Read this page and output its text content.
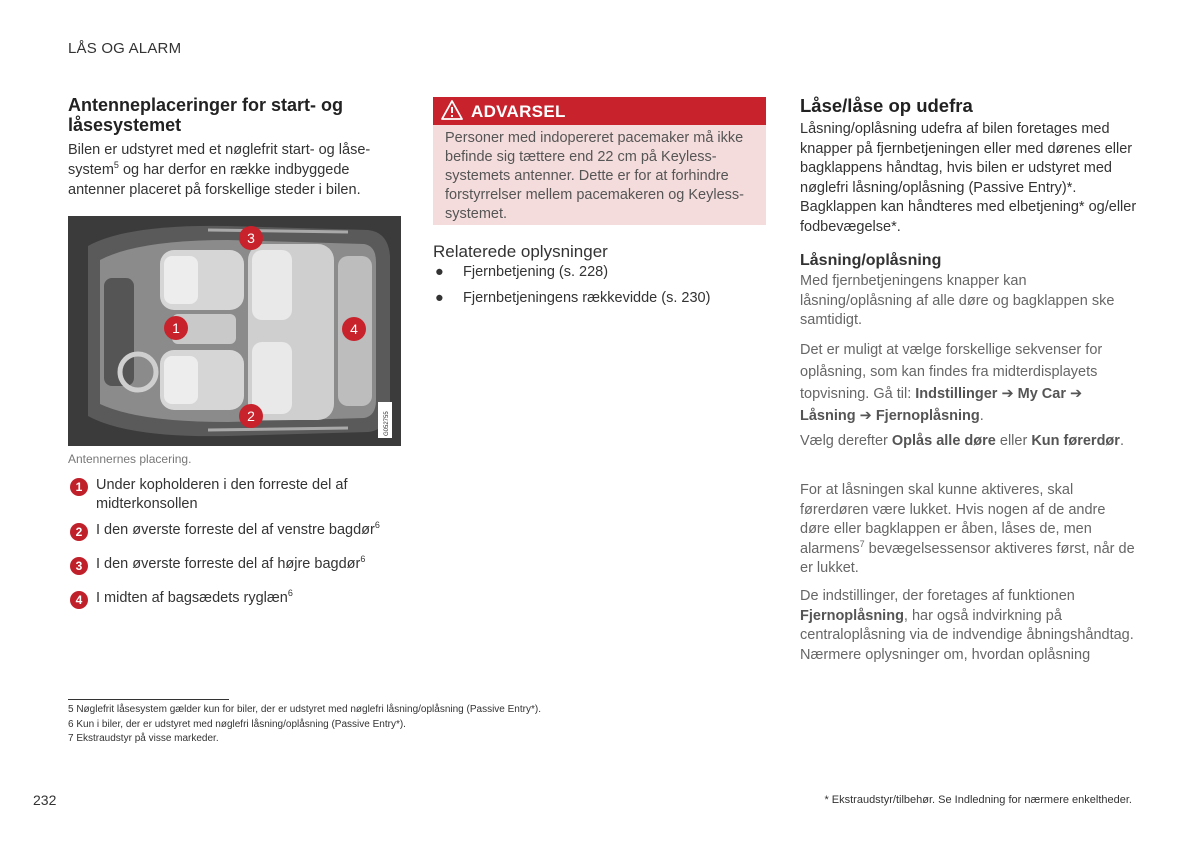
LÅS OG ALARM
Antenneplaceringer for start- og låsesystemet
Bilen er udstyret med et nøglefrit start- og låse-system$^5$ og har derfor en række indbyggede antenner placeret på forskellige steder i bilen.
3
1	4
2	G052755
Antennernes placering.
1 Under kopholderen i den forreste del af midterkonsollen
2 I den øverste forreste del af venstre bagdør$^6$
3 I den øverste forreste del af højre bagdør$^6$
4 I midten af bagsædets ryglæn$^6$
ADVARSEL
Personer med indopereret pacemaker må ikke befinde sig tættere end 22 cm på Keyless-systemets antenner. Dette er for at forhindre forstyrrelser mellem pacemakeren og Keyless-systemet.
Relaterede oplysninger
● Fjernbetjening (s. 228)
● Fjernbetjeningens rækkevidde (s. 230)
Låse/låse op udefra
Låsning/oplåsning udefra af bilen foretages med knapper på fjernbetjeningen eller med dørenes eller bagklappens håndtag, hvis bilen er udstyret med nøglefri låsning/oplåsning (Passive Entry)*. Bagklappen kan håndteres med elbetjening* og/eller fodbevægelse*.
Låsning/oplåsning
Med fjernbetjeningens knapper kan låsning/oplåsning af alle døre og bagklappen ske samtidigt.
Det er muligt at vælge forskellige sekvenser for oplåsning, som kan findes fra midterdisplayets topvisning. Gå til: Indstillinger ➔ My Car ➔ Låsning ➔ Fjernoplåsning.
Vælg derefter Oplås alle døre eller Kun førerdør.
For at låsningen skal kunne aktiveres, skal førerdøren være lukket. Hvis nogen af de andre døre eller bagklappen er åben, låses de, men alarmens$^7$ bevægelsessensor aktiveres først, når de er lukket.
De indstillinger, der foretages af funktionen Fjernoplåsning, har også indvirkning på centraloplåsning via de indvendige åbningshåndtag. Nærmere oplysninger om, hvordan oplåsning
5 Nøglefrit låsesystem gælder kun for biler, der er udstyret med nøglefri låsning/oplåsning (Passive Entry*).
6 Kun i biler, der er udstyret med nøglefri låsning/oplåsning (Passive Entry*).
7 Ekstraudstyr på visse markeder.
232	* Ekstraudstyr/tilbehør. Se Indledning for nærmere enkeltheder.
